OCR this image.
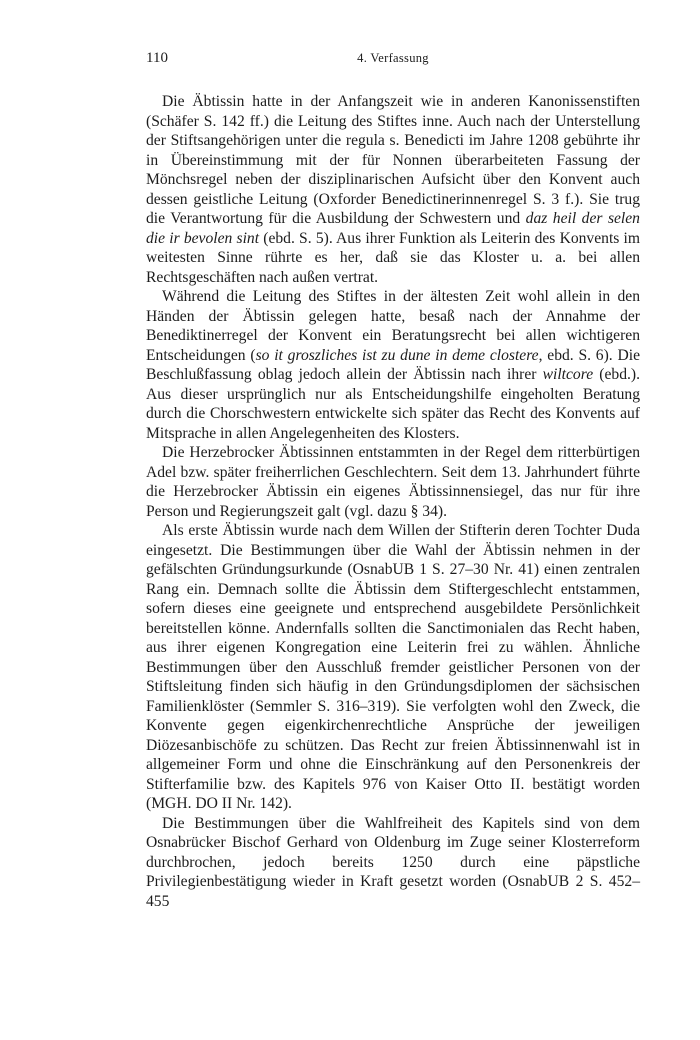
110	4. Verfassung

Die Äbtissin hatte in der Anfangszeit wie in anderen Kanonissenstiften (Schäfer S. 142 ff.) die Leitung des Stiftes inne. Auch nach der Unterstellung der Stiftsangehörigen unter die regula s. Benedicti im Jahre 1208 gebührte ihr in Übereinstimmung mit der für Nonnen überarbeiteten Fassung der Mönchsregel neben der disziplinarischen Aufsicht über den Konvent auch dessen geistliche Leitung (Oxforder Benedictinerinnenregel S. 3 f.). Sie trug die Verantwortung für die Ausbildung der Schwestern und daz heil der selen die ir bevolen sint (ebd. S. 5). Aus ihrer Funktion als Leiterin des Konvents im weitesten Sinne rührte es her, daß sie das Kloster u. a. bei allen Rechtsgeschäften nach außen vertrat.

Während die Leitung des Stiftes in der ältesten Zeit wohl allein in den Händen der Äbtissin gelegen hatte, besaß nach der Annahme der Benediktinerregel der Konvent ein Beratungsrecht bei allen wichtigeren Entscheidungen (so it groszliches ist zu dune in deme clostere, ebd. S. 6). Die Beschlußfassung oblag jedoch allein der Äbtissin nach ihrer wiltcore (ebd.). Aus dieser ursprünglich nur als Entscheidungshilfe eingeholten Beratung durch die Chorschwestern entwickelte sich später das Recht des Konvents auf Mitsprache in allen Angelegenheiten des Klosters.

Die Herzebrocker Äbtissinnen entstammten in der Regel dem ritterbürtigen Adel bzw. später freiherrlichen Geschlechtern. Seit dem 13. Jahrhundert führte die Herzebrocker Äbtissin ein eigenes Äbtissinnensiegel, das nur für ihre Person und Regierungszeit galt (vgl. dazu § 34).

Als erste Äbtissin wurde nach dem Willen der Stifterin deren Tochter Duda eingesetzt. Die Bestimmungen über die Wahl der Äbtissin nehmen in der gefälschten Gründungsurkunde (OsnabUB 1 S. 27–30 Nr. 41) einen zentralen Rang ein. Demnach sollte die Äbtissin dem Stiftergeschlecht entstammen, sofern dieses eine geeignete und entsprechend ausgebildete Persönlichkeit bereitstellen könne. Andernfalls sollten die Sanctimonialen das Recht haben, aus ihrer eigenen Kongregation eine Leiterin frei zu wählen. Ähnliche Bestimmungen über den Ausschluß fremder geistlicher Personen von der Stiftsleitung finden sich häufig in den Gründungsdiplomen der sächsischen Familienklöster (Semmler S. 316–319). Sie verfolgten wohl den Zweck, die Konvente gegen eigenkirchenrechtliche Ansprüche der jeweiligen Diözesanbischöfe zu schützen. Das Recht zur freien Äbtissinnenwahl ist in allgemeiner Form und ohne die Einschränkung auf den Personenkreis der Stifterfamilie bzw. des Kapitels 976 von Kaiser Otto II. bestätigt worden (MGH. DO II Nr. 142).

Die Bestimmungen über die Wahlfreiheit des Kapitels sind von dem Osnabrücker Bischof Gerhard von Oldenburg im Zuge seiner Klosterreform durchbrochen, jedoch bereits 1250 durch eine päpstliche Privilegienbestätigung wieder in Kraft gesetzt worden (OsnabUB 2 S. 452–455
